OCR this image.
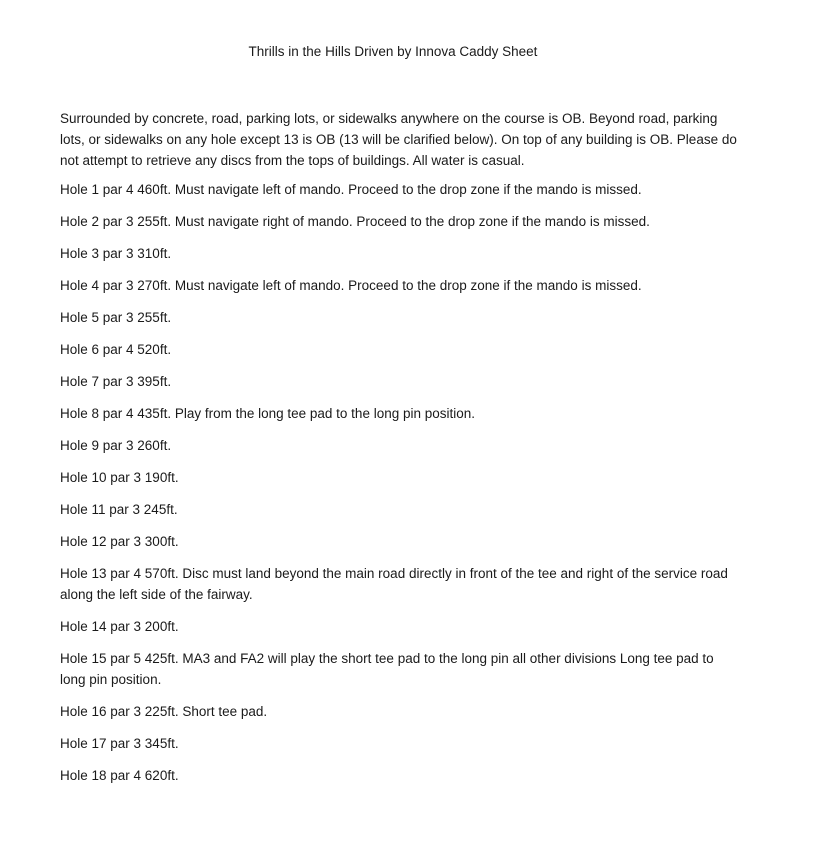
Thrills in the Hills Driven by Innova Caddy Sheet

Surrounded by concrete, road, parking lots, or sidewalks anywhere on the course is OB. Beyond road, parking lots, or sidewalks on any hole except 13 is OB (13 will be clarified below). On top of any building is OB. Please do not attempt to retrieve any discs from the tops of buildings. All water is casual.

Hole 1 par 4 460ft. Must navigate left of mando. Proceed to the drop zone if the mando is missed.

Hole 2 par 3 255ft. Must navigate right of mando. Proceed to the drop zone if the mando is missed.

Hole 3 par 3 310ft.

Hole 4 par 3 270ft. Must navigate left of mando. Proceed to the drop zone if the mando is missed.

Hole 5 par 3 255ft.

Hole 6 par 4 520ft.

Hole 7 par 3 395ft.

Hole 8 par 4 435ft. Play from the long tee pad to the long pin position.

Hole 9 par 3 260ft.

Hole 10 par 3 190ft.

Hole 11 par 3 245ft.

Hole 12 par 3 300ft.

Hole 13 par 4 570ft. Disc must land beyond the main road directly in front of the tee and right of the service road along the left side of the fairway.

Hole 14 par 3 200ft.

Hole 15 par 5 425ft. MA3 and FA2 will play the short tee pad to the long pin all other divisions Long tee pad to long pin position.

Hole 16 par 3 225ft. Short tee pad.

Hole 17 par 3 345ft.

Hole 18 par 4 620ft.
